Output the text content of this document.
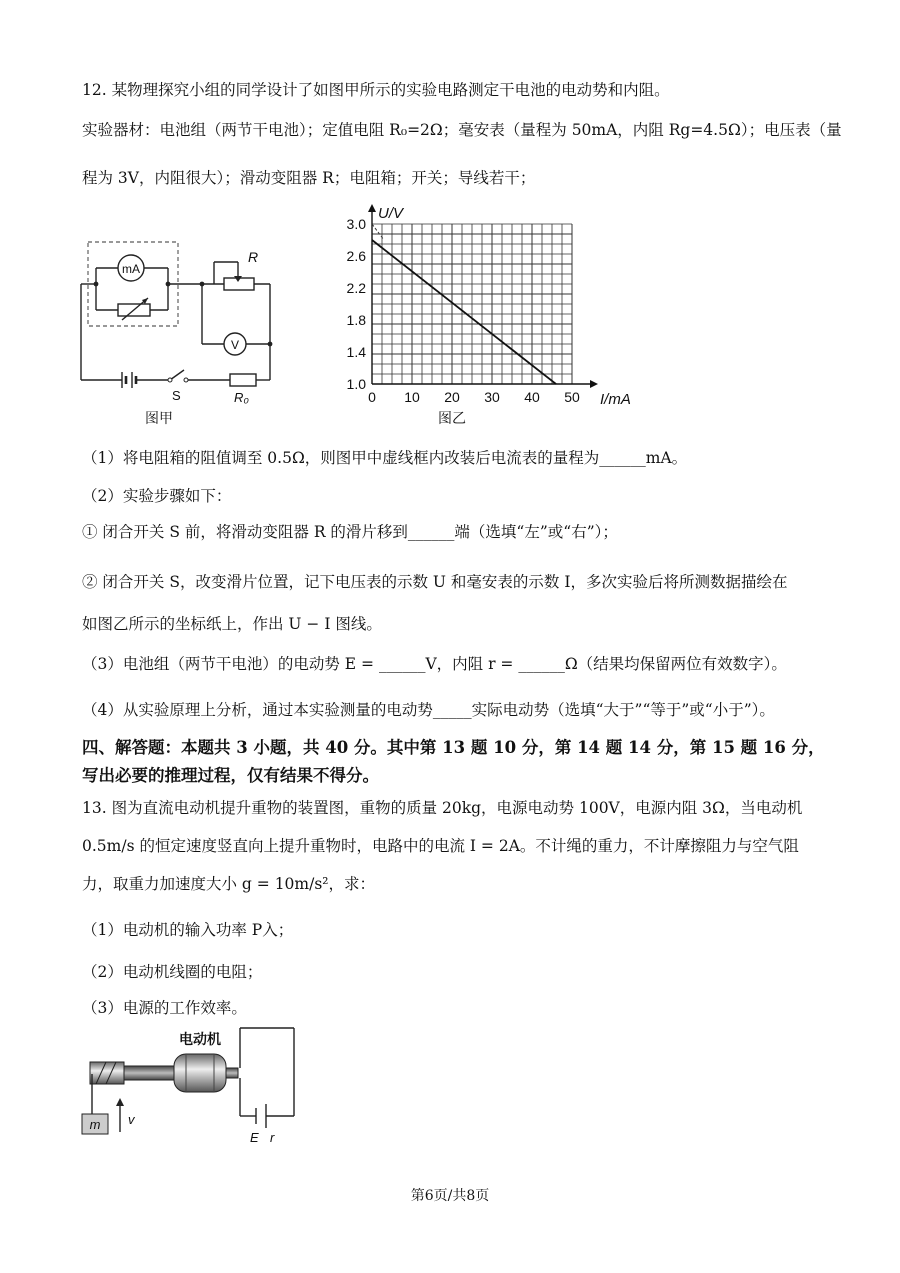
12. 某物理探究小组的同学设计了如图甲所示的实验电路测定干电池的电动势和内阻。
实验器材：电池组（两节干电池）；定值电阻 R₀=2Ω；毫安表（量程为 50mA，内阻 Rg=4.5Ω）；电压表（量
程为 3V，内阻很大）；滑动变阻器 R；电阻箱；开关；导线若干；
mA
V
R
S	R₀
图甲
0 10 20 30 40 50
1.0
1.4
1.8
2.2
2.6
3.0
I/mA
U/V
图乙
（1）将电阻箱的阻值调至 0.5Ω，则图甲中虚线框内改装后电流表的量程为______mA。
（2）实验步骤如下：
① 闭合开关 S 前，将滑动变阻器 R 的滑片移到______端（选填“左”或“右”）；
② 闭合开关 S，改变滑片位置，记下电压表的示数 U 和毫安表的示数 I，多次实验后将所测数据描绘在
如图乙所示的坐标纸上，作出 U − I 图线。
（3）电池组（两节干电池）的电动势 E = ______V，内阻 r = ______Ω（结果均保留两位有效数字）。
（4）从实验原理上分析，通过本实验测量的电动势_____实际电动势（选填“大于”“等于”或“小于”）。
四、解答题：本题共 3 小题，共 40 分。其中第 13 题 10 分，第 14 题 14 分，第 15 题 16 分，
写出必要的推理过程，仅有结果不得分。
13. 图为直流电动机提升重物的装置图，重物的质量 20kg，电源电动势 100V，电源内阻 3Ω，当电动机
0.5m/s 的恒定速度竖直向上提升重物时，电路中的电流 I = 2A。不计绳的重力，不计摩擦阻力与空气阻
力，取重力加速度大小 g = 10m/s²，求：
（1）电动机的输入功率 P入；
（2）电动机线圈的电阻；
（3）电源的工作效率。
电动机
m v
E r
第6页/共8页
